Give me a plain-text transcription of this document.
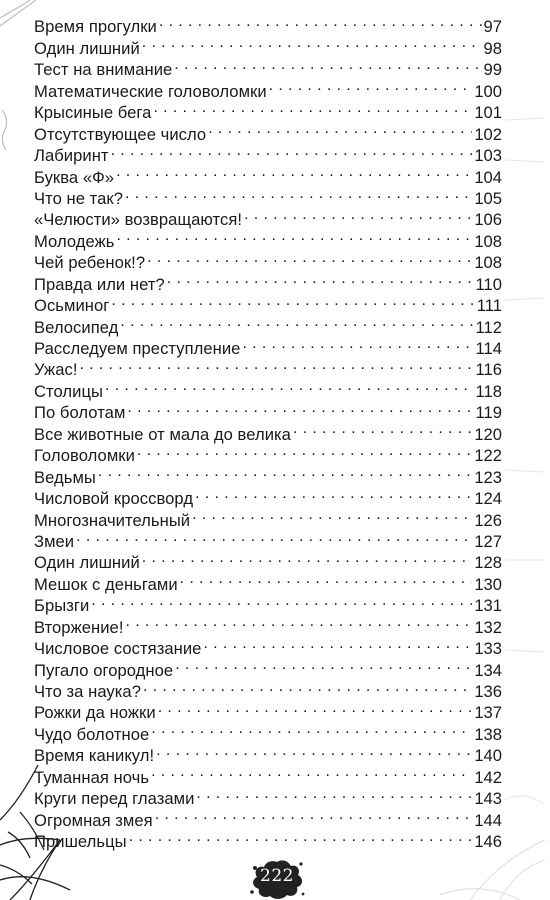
Время прогулки . . .	97
Один лишний . . .	98
Тест на внимание . . .	99
Математические головоломки . . .	100
Крысиные бега . . .	101
Отсутствующее число . . .	102
Лабиринт . . .	103
Буква «Ф» . . .	104
Что не так? . . .	105
«Челюсти» возвращаются! . . .	106
Молодежь . . .	108
Чей ребенок!? . . .	108
Правда или нет? . . .	110
Осьминог . . .	111
Велосипед . . .	112
Расследуем преступление . . .	114
Ужас! . . .	116
Столицы . . .	118
По болотам . . .	119
Все животные от мала до велика . . .	120
Головоломки . . .	122
Ведьмы . . .	123
Числовой кроссворд . . .	124
Многозначительный . . .	126
Змеи . . .	127
Один лишний . . .	128
Мешок с деньгами . . .	130
Брызги . . .	131
Вторжение! . . .	132
Числовое состязание . . .	133
Пугало огородное . . .	134
Что за наука? . . .	136
Рожки да ножки . . .	137
Чудо болотное . . .	138
Время каникул! . . .	140
Туманная ночь . . .	142
Круги перед глазами . . .	143
Огромная змея . . .	144
Пришельцы . . .	146
222
